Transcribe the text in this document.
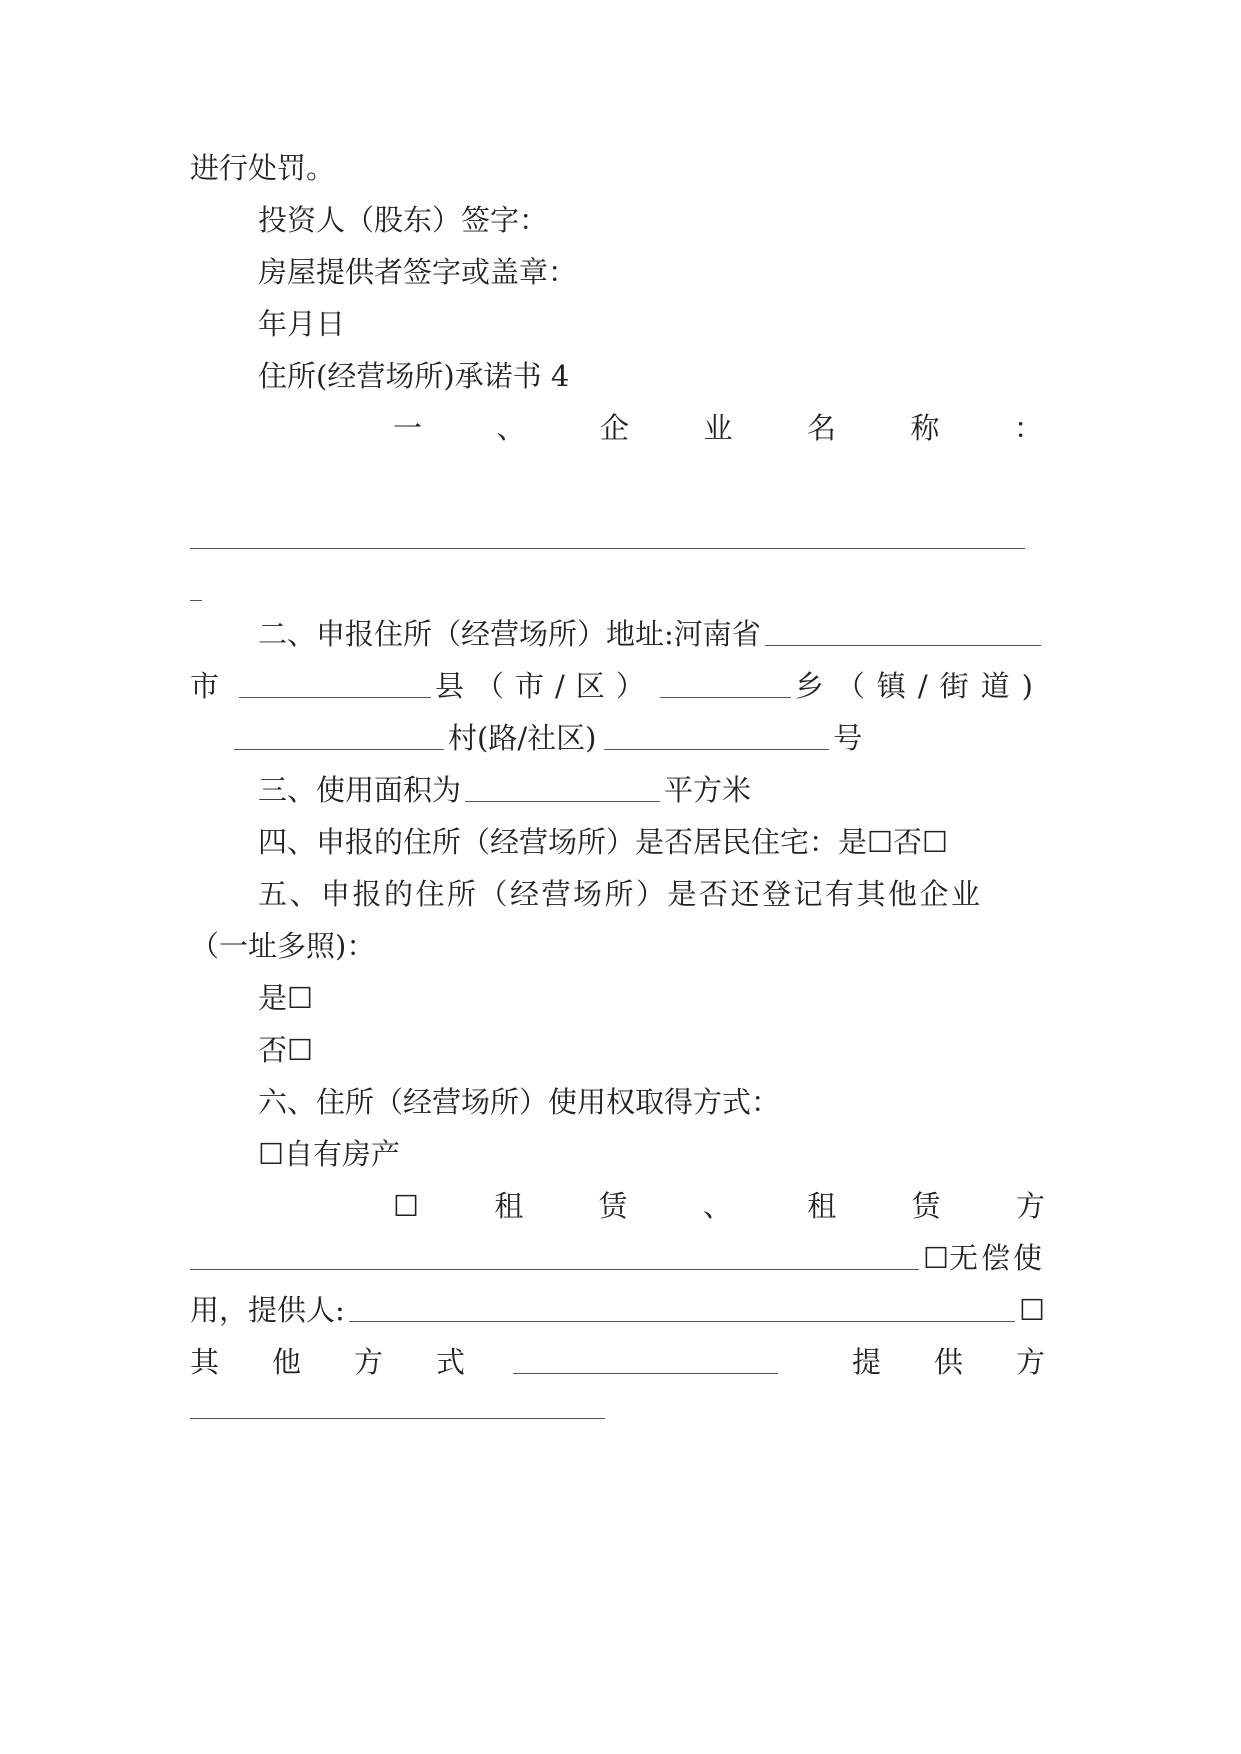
进行处罚。
投资人（股东）签字：
房屋提供者签字或盖章：
年月日
住所(经营场所)承诺书 4
一	、	企	业	名	称	：
二、申报住所（经营场所）地址: 河南省
市	县（市/区）	乡（镇/街道)
村(路/社区)	号
三、使用面积为	平方米
四、申报的住所（经营场所）是否居民住宅： 是 ☐ 否 ☐
五、申报的住所（经营场所）是否还登记有其他企业
（一址多照)：
是 ☐
否 ☐
六、住所（经营场所）使用权取得方式：
☐ 自有房产
☐	租	赁	、	租	赁	方
☐ 无偿使
用，提供人:	☐
其 他 方 式	提 供 方
